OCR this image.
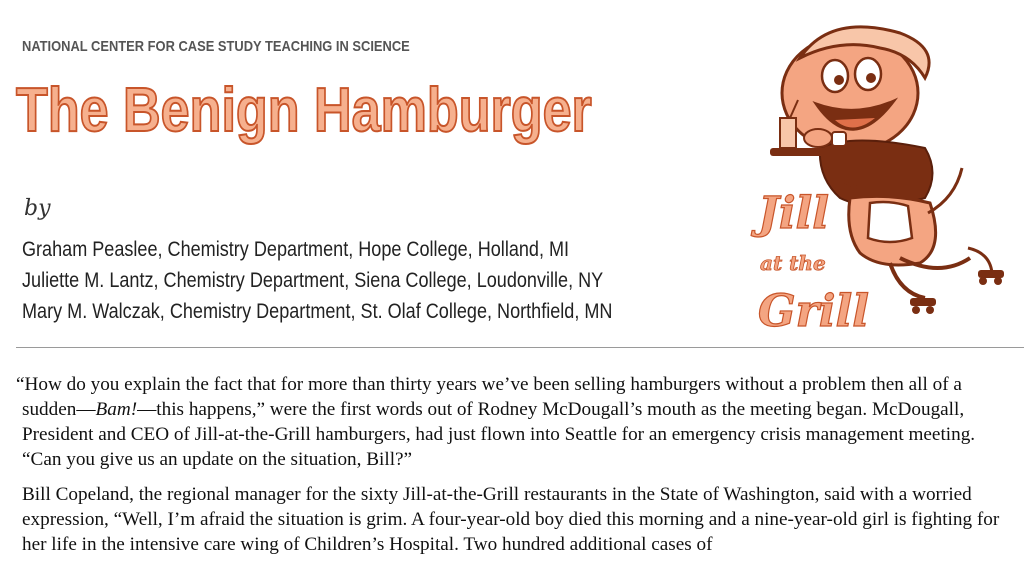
NATIONAL CENTER FOR CASE STUDY TEACHING IN SCIENCE
The Benign Hamburger
by
Graham Peaslee, Chemistry Department, Hope College, Holland, MI
Juliette M. Lantz, Chemistry Department, Siena College, Loudonville, NY
Mary M. Walczak, Chemistry Department, St. Olaf College, Northfield, MN
Jill
at the
Grill

“How do you explain the fact that for more than thirty years we’ve been selling hamburgers without a problem then all of a sudden—Bam!—this happens,” were the first words out of Rodney McDougall’s mouth as the meeting began. McDougall, President and CEO of Jill-at-the-Grill hamburgers, had just flown into Seattle for an emergency crisis management meeting. “Can you give us an update on the situation, Bill?”

Bill Copeland, the regional manager for the sixty Jill-at-the-Grill restaurants in the State of Washington, said with a worried expression, “Well, I’m afraid the situation is grim. A four-year-old boy died this morning and a nine-year-old girl is fighting for her life in the intensive care wing of Children’s Hospital. Two hundred additional cases of
